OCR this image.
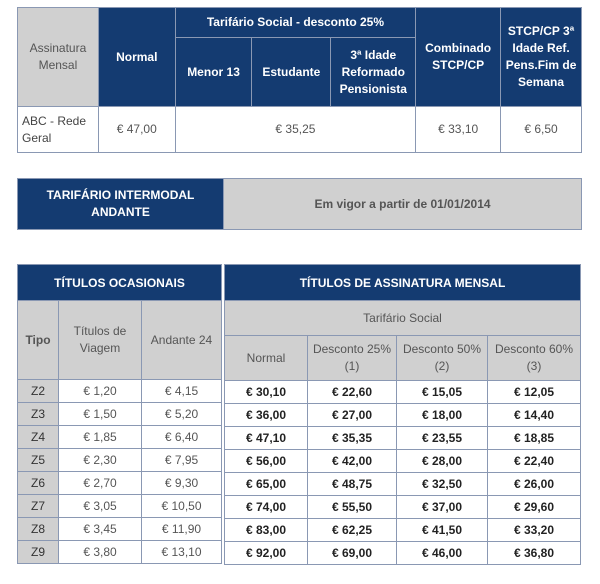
Assinatura Mensal	Normal	Tarifário Social - desconto 25%			Combinado STCP/CP	STCP/CP 3ª Idade Ref. Pens.Fim de Semana
		Menor 13	Estudante	3ª Idade Reformado Pensionista		
ABC - Rede Geral	€ 47,00	€ 35,25			€ 33,10	€ 6,50
TARIFÁRIO INTERMODAL ANDANTE	Em vigor a partir de 01/01/2014
TÍTULOS OCASIONAIS		
Tipo	Títulos de Viagem	Andante 24
Z2	€ 1,20	€ 4,15
Z3	€ 1,50	€ 5,20
Z4	€ 1,85	€ 6,40
Z5	€ 2,30	€ 7,95
Z6	€ 2,70	€ 9,30
Z7	€ 3,05	€ 10,50
Z8	€ 3,45	€ 11,90
Z9	€ 3,80	€ 13,10
TÍTULOS DE ASSINATURA MENSAL			
Tarifário Social			
Normal	Desconto 25% (1)	Desconto 50% (2)	Desconto 60% (3)
€ 30,10	€ 22,60	€ 15,05	€ 12,05
€ 36,00	€ 27,00	€ 18,00	€ 14,40
€ 47,10	€ 35,35	€ 23,55	€ 18,85
€ 56,00	€ 42,00	€ 28,00	€ 22,40
€ 65,00	€ 48,75	€ 32,50	€ 26,00
€ 74,00	€ 55,50	€ 37,00	€ 29,60
€ 83,00	€ 62,25	€ 41,50	€ 33,20
€ 92,00	€ 69,00	€ 46,00	€ 36,80
